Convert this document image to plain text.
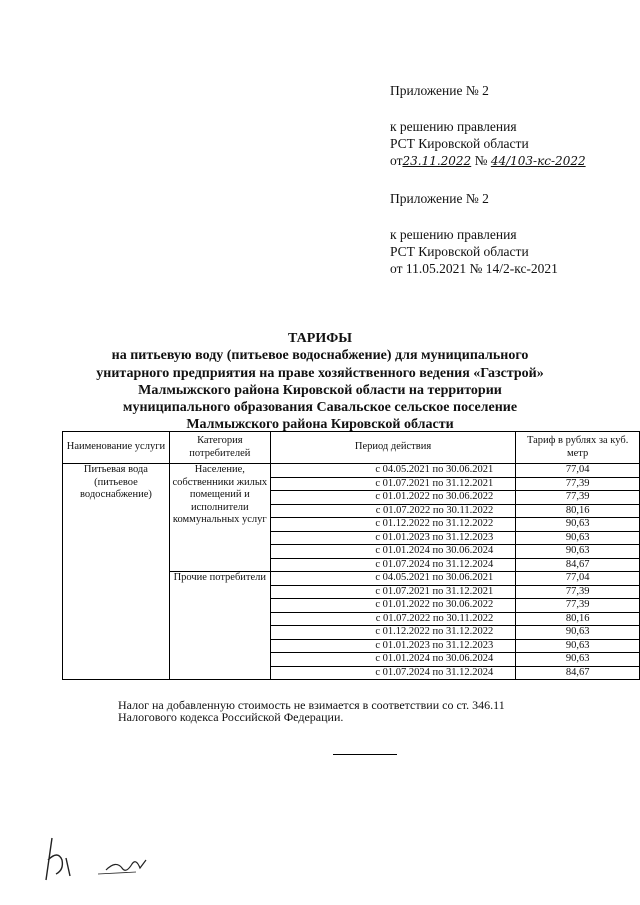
Приложение № 2
к решению правления
РСТ Кировской области
от23.11.2022 № 44/103-кс-2022
Приложение № 2
к решению правления
РСТ Кировской области
от 11.05.2021 № 14/2-кс-2021
ТАРИФЫ
на питьевую воду (питьевое водоснабжение) для муниципального
унитарного предприятия на праве хозяйственного ведения «Газстрой»
Малмыжского района Кировской области на территории
муниципального образования Савальское сельское поселение
Малмыжского района Кировской области
Наименование услуги	Категория потребителей	Период действия	Тариф в рублях за куб. метр
Питьевая вода (питьевое водоснабжение)	Население, собственники жилых помещений и исполнители коммунальных услуг	с 04.05.2021 по 30.06.2021	77,04
		с 01.07.2021 по 31.12.2021	77,39
		с 01.01.2022 по 30.06.2022	77,39
		с 01.07.2022 по 30.11.2022	80,16
		с 01.12.2022 по 31.12.2022	90,63
		с 01.01.2023 по 31.12.2023	90,63
		с 01.01.2024 по 30.06.2024	90,63
		с 01.07.2024 по 31.12.2024	84,67
	Прочие потребители	с 04.05.2021 по 30.06.2021	77,04
		с 01.07.2021 по 31.12.2021	77,39
		с 01.01.2022 по 30.06.2022	77,39
		с 01.07.2022 по 30.11.2022	80,16
		с 01.12.2022 по 31.12.2022	90,63
		с 01.01.2023 по 31.12.2023	90,63
		с 01.01.2024 по 30.06.2024	90,63
		с 01.07.2024 по 31.12.2024	84,67
Налог на добавленную стоимость не взимается в соответствии со ст. 346.11
Налогового кодекса Российской Федерации.
